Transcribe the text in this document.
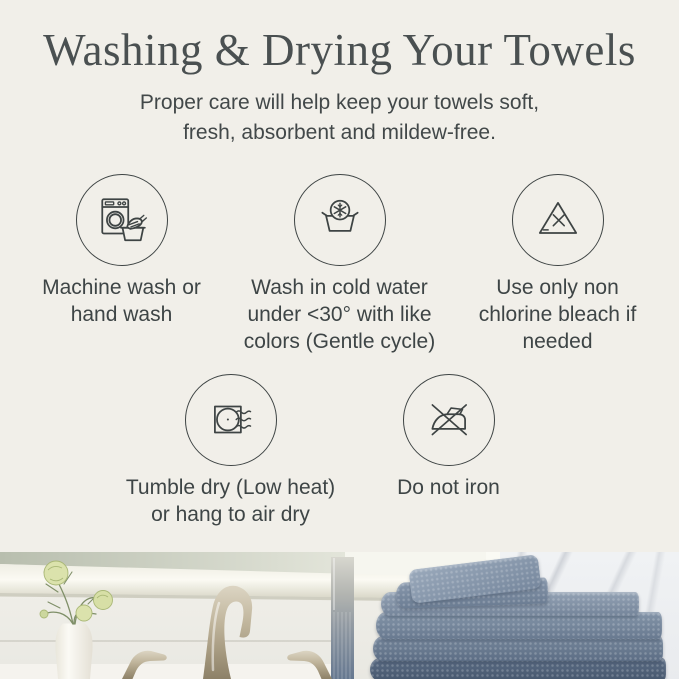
Washing & Drying Your Towels
Proper care will help keep your towels soft,
fresh, absorbent and mildew-free.
Machine wash or
hand wash
Wash in cold water
under <30° with like
colors (Gentle cycle)
Use only non
chlorine bleach if
needed
Tumble dry (Low heat)
or hang to air dry
Do not iron
